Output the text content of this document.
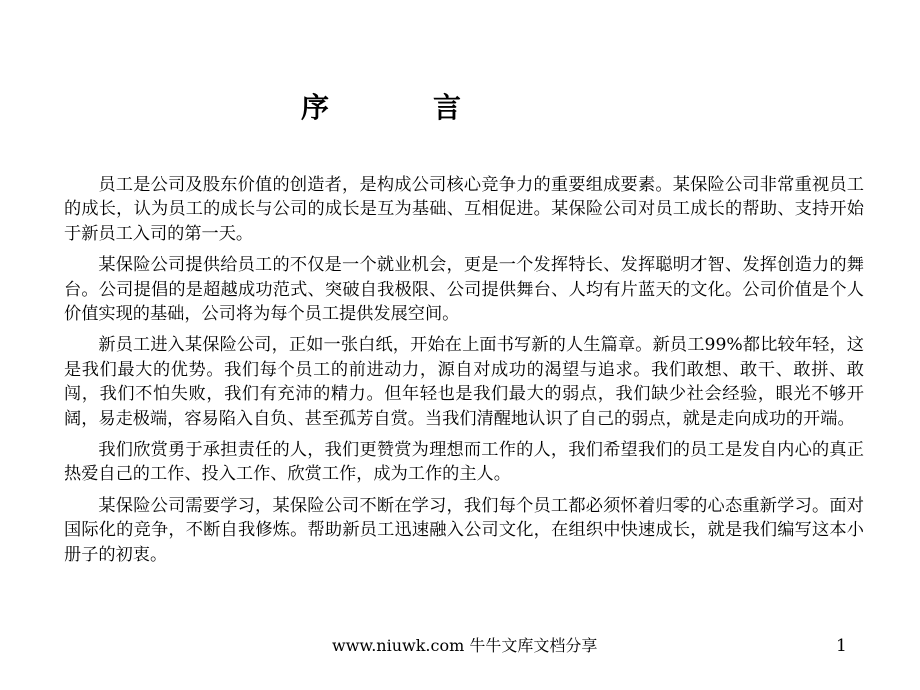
序　言

员工是公司及股东价值的创造者，是构成公司核心竞争力的重要组成要素。某保险公司非常重视员工的成长，认为员工的成长与公司的成长是互为基础、互相促进。某保险公司对员工成长的帮助、支持开始于新员工入司的第一天。

某保险公司提供给员工的不仅是一个就业机会，更是一个发挥特长、发挥聪明才智、发挥创造力的舞台。公司提倡的是超越成功范式、突破自我极限、公司提供舞台、人均有片蓝天的文化。公司价值是个人价值实现的基础，公司将为每个员工提供发展空间。

新员工进入某保险公司，正如一张白纸，开始在上面书写新的人生篇章。新员工99%都比较年轻，这是我们最大的优势。我们每个员工的前进动力，源自对成功的渴望与追求。我们敢想、敢干、敢拼、敢闯，我们不怕失败，我们有充沛的精力。但年轻也是我们最大的弱点，我们缺少社会经验，眼光不够开阔，易走极端，容易陷入自负、甚至孤芳自赏。当我们清醒地认识了自己的弱点，就是走向成功的开端。

我们欣赏勇于承担责任的人，我们更赞赏为理想而工作的人，我们希望我们的员工是发自内心的真正热爱自己的工作、投入工作、欣赏工作，成为工作的主人。

某保险公司需要学习，某保险公司不断在学习，我们每个员工都必须怀着归零的心态重新学习。面对国际化的竞争，不断自我修炼。帮助新员工迅速融入公司文化，在组织中快速成长，就是我们编写这本小册子的初衷。

www.niuwk.com 牛牛文库文档分享	1
